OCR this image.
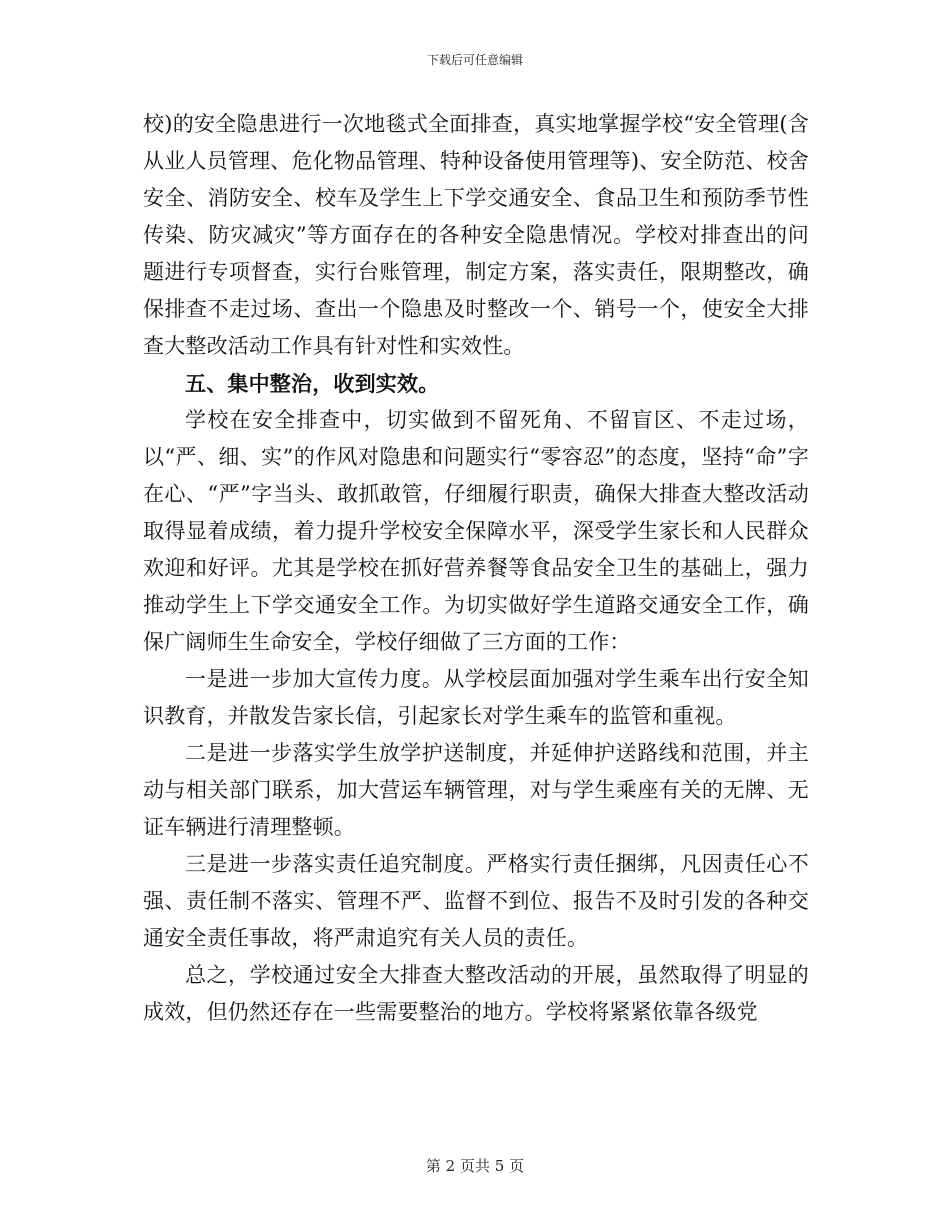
下载后可任意编辑

校)的安全隐患进行一次地毯式全面排查，真实地掌握学校“安全管理(含从业人员管理、危化物品管理、特种设备使用管理等)、安全防范、校舍安全、消防安全、校车及学生上下学交通安全、食品卫生和预防季节性传染、防灾减灾”等方面存在的各种安全隐患情况。学校对排查出的问题进行专项督查，实行台账管理，制定方案，落实责任，限期整改，确保排查不走过场、查出一个隐患及时整改一个、销号一个，使安全大排查大整改活动工作具有针对性和实效性。

五、集中整治，收到实效。

学校在安全排查中，切实做到不留死角、不留盲区、不走过场，以“严、细、实”的作风对隐患和问题实行“零容忍”的态度，坚持“命”字在心、“严”字当头、敢抓敢管，仔细履行职责，确保大排查大整改活动取得显着成绩，着力提升学校安全保障水平，深受学生家长和人民群众欢迎和好评。尤其是学校在抓好营养餐等食品安全卫生的基础上，强力推动学生上下学交通安全工作。为切实做好学生道路交通安全工作，确保广阔师生生命安全，学校仔细做了三方面的工作：

一是进一步加大宣传力度。从学校层面加强对学生乘车出行安全知识教育，并散发告家长信，引起家长对学生乘车的监管和重视。

二是进一步落实学生放学护送制度，并延伸护送路线和范围，并主动与相关部门联系，加大营运车辆管理，对与学生乘座有关的无牌、无证车辆进行清理整顿。

三是进一步落实责任追究制度。严格实行责任捆绑，凡因责任心不强、责任制不落实、管理不严、监督不到位、报告不及时引发的各种交通安全责任事故，将严肃追究有关人员的责任。

总之，学校通过安全大排查大整改活动的开展，虽然取得了明显的成效，但仍然还存在一些需要整治的地方。学校将紧紧依靠各级党

第 2 页共 5 页
